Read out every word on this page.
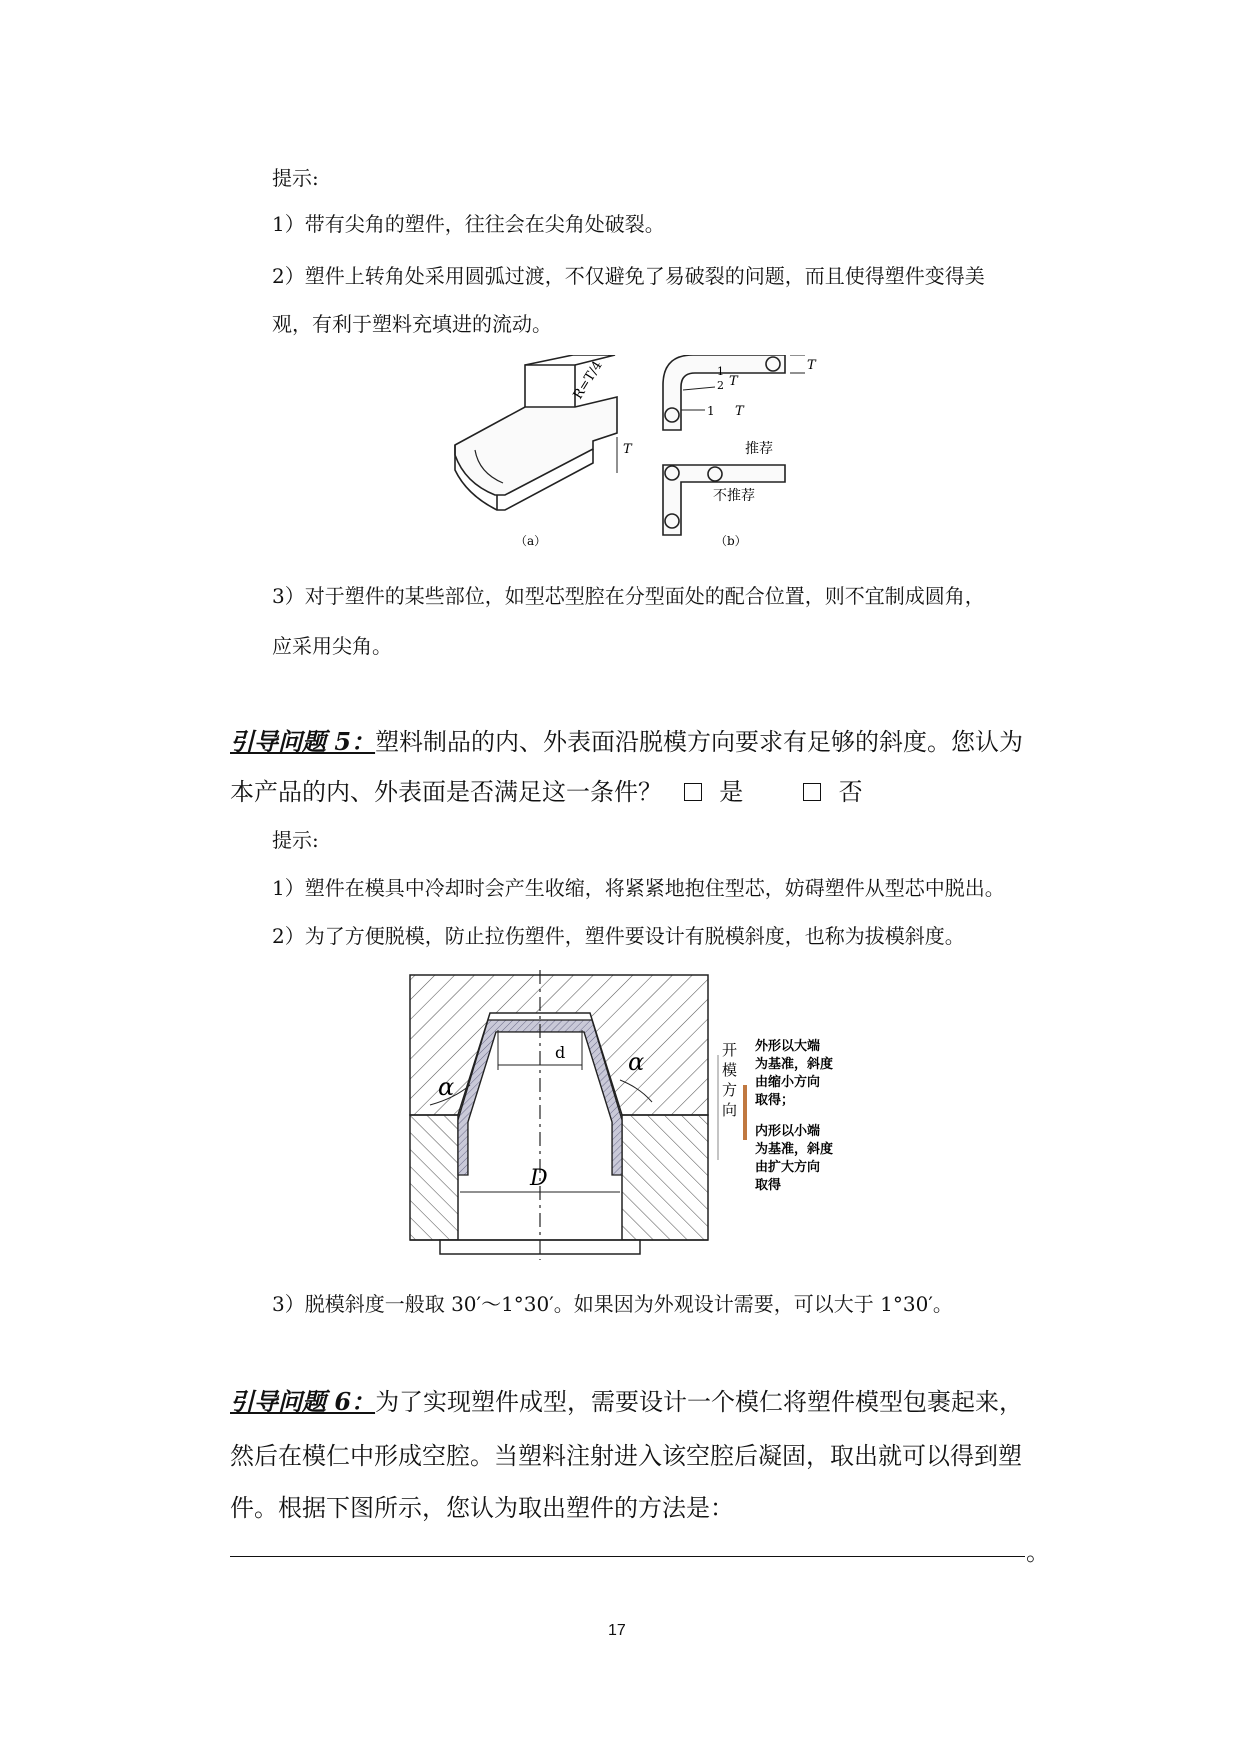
提示:
1）带有尖角的塑件，往往会在尖角处破裂。
2）塑件上转角处采用圆弧过渡，不仅避免了易破裂的问题，而且使得塑件变得美
观，有利于塑料充填进的流动。
R=T/4
T
（a）
T
1
2 T
1 T
推荐
不推荐
（b）
3）对于塑件的某些部位，如型芯型腔在分型面处的配合位置，则不宜制成圆角，
应采用尖角。
引导问题 5：塑料制品的内、外表面沿脱模方向要求有足够的斜度。您认为
本产品的内、外表面是否满足这一条件？ 是	否
提示:
1）塑件在模具中冷却时会产生收缩，将紧紧地抱住型芯，妨碍塑件从型芯中脱出。
2）为了方便脱模，防止拉伤塑件，塑件要设计有脱模斜度，也称为拔模斜度。
d
D
α
α	开
模
方
向
外形以大端
为基准，斜度
由缩小方向
取得；
内形以小端
为基准，斜度
由扩大方向
取得
3）脱模斜度一般取 30′～1°30′。如果因为外观设计需要，可以大于 1°30′。
引导问题 6：为了实现塑件成型，需要设计一个模仁将塑件模型包裹起来，
然后在模仁中形成空腔。当塑料注射进入该空腔后凝固，取出就可以得到塑
件。根据下图所示，您认为取出塑件的方法是：
。
17
